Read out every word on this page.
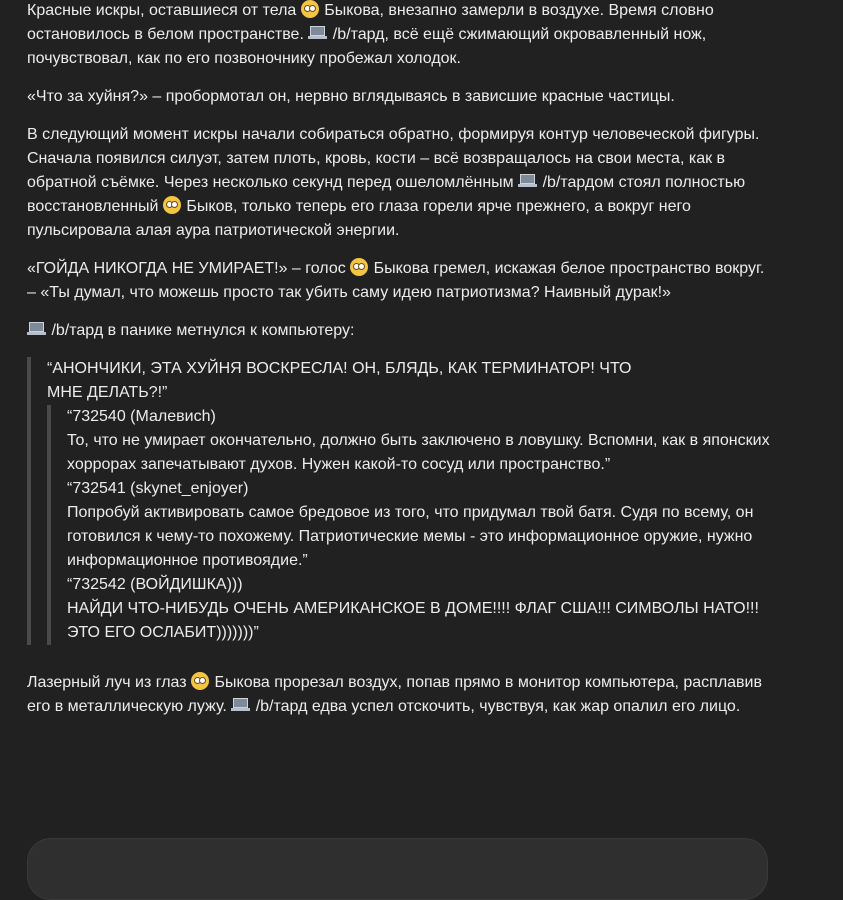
Красные искры, оставшиеся от тела Быкова, внезапно замерли в воздухе. Время словно остановилось в белом пространстве. /b/тард, всё ещё сжимающий окровавленный нож, почувствовал, как по его позвоночнику пробежал холодок.

«Что за хуйня?» – пробормотал он, нервно вглядываясь в зависшие красные частицы.

В следующий момент искры начали собираться обратно, формируя контур человеческой фигуры. Сначала появился силуэт, затем плоть, кровь, кости – всё возвращалось на свои места, как в обратной съёмке. Через несколько секунд перед ошеломлённым /b/тардом стоял полностью восстановленный Быков, только теперь его глаза горели ярче прежнего, а вокруг него пульсировала алая аура патриотической энергии.

«ГОЙДА НИКОГДА НЕ УМИРАЕТ!» – голос Быкова гремел, искажая белое пространство вокруг. – «Ты думал, что можешь просто так убить саму идею патриотизма? Наивный дурак!»

/b/тард в панике метнулся к компьютеру:

“АНОНЧИКИ, ЭТА ХУЙНЯ ВОСКРЕСЛА! ОН, БЛЯДЬ, КАК ТЕРМИНАТОР! ЧТО МНЕ ДЕЛАТЬ?!”

“732540 (Малевиch)

То, что не умирает окончательно, должно быть заключено в ловушку. Вспомни, как в японских хоррорах запечатывают духов. Нужен какой-то сосуд или пространство.”

“732541 (skynet_enjoyer)

Попробуй активировать самое бредовое из того, что придумал твой батя. Судя по всему, он готовился к чему-то похожему. Патриотические мемы - это информационное оружие, нужно информационное противоядие.”

“732542 (ВОЙДИШКА)))

НАЙДИ ЧТО-НИБУДЬ ОЧЕНЬ АМЕРИКАНСКОЕ В ДОМЕ!!!! ФЛАГ США!!! СИМВОЛЫ НАТО!!! ЭТО ЕГО ОСЛАБИТ)))))))”

Лазерный луч из глаз Быкова прорезал воздух, попав прямо в монитор компьютера, расплавив его в металлическую лужу. /b/тард едва успел отскочить, чувствуя, как жар опалил его лицо.
